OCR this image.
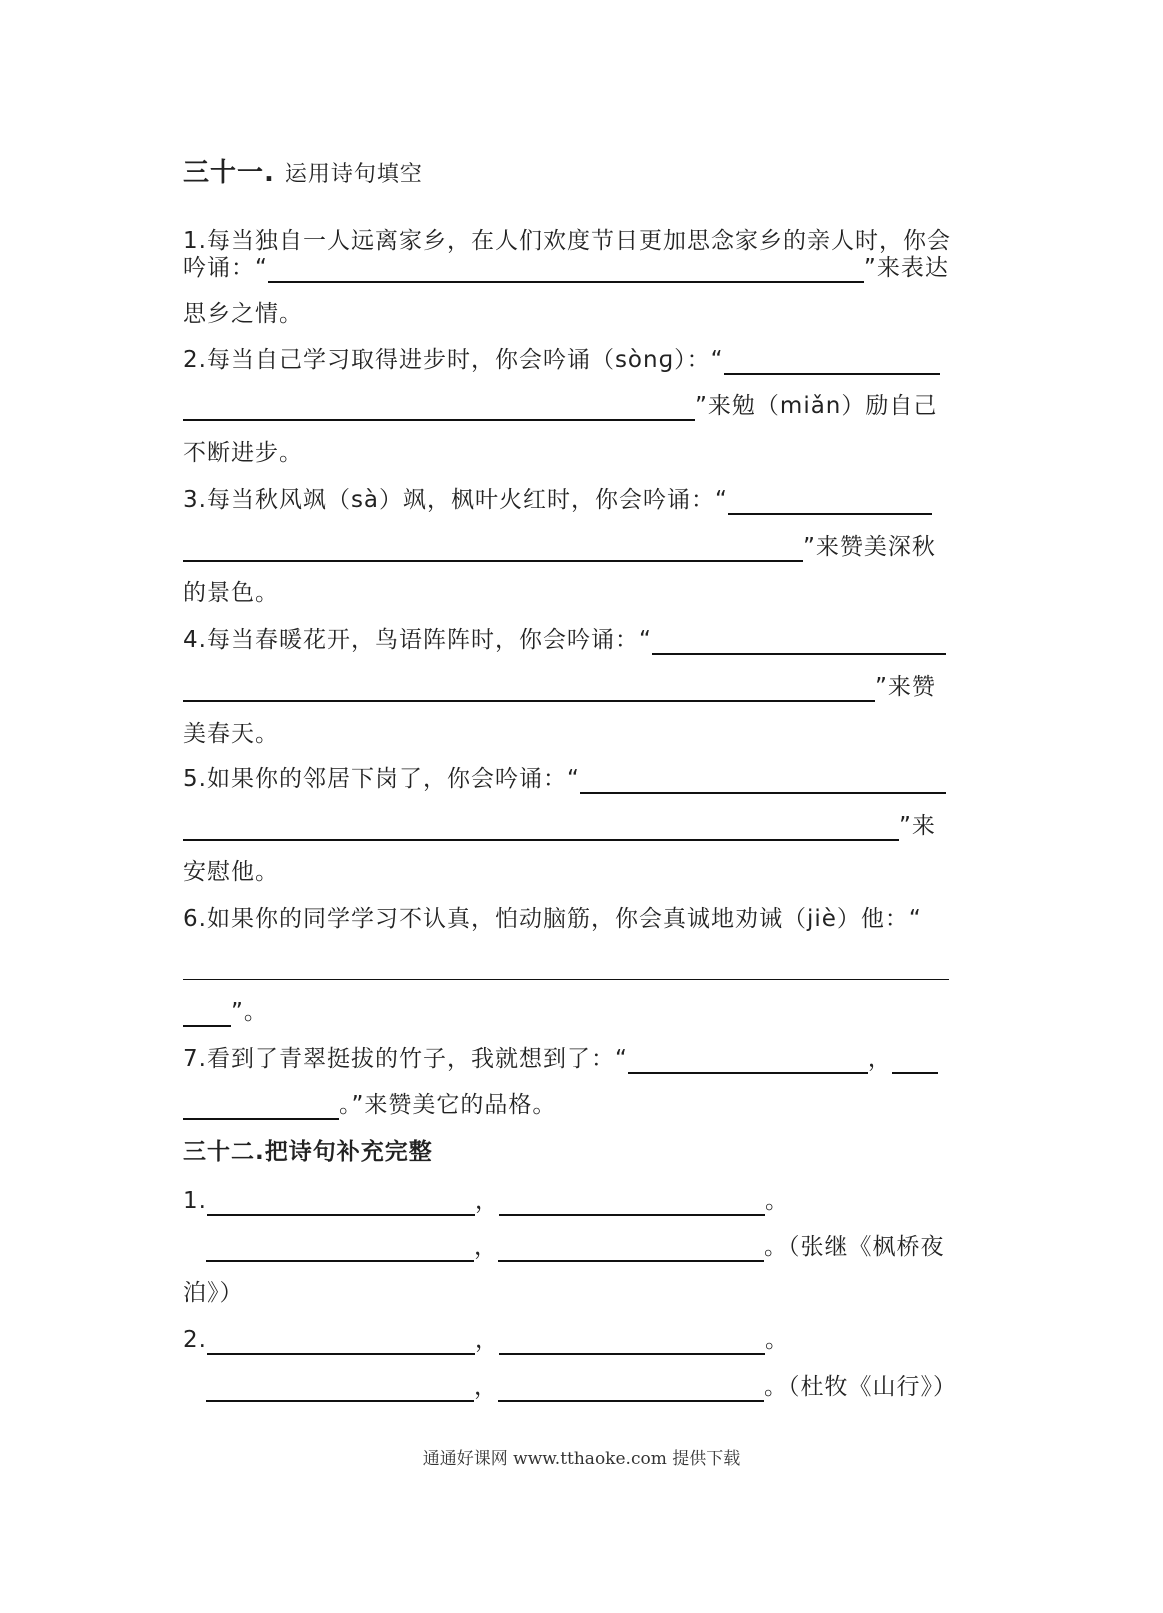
三十一. 运用诗句填空
1.每当独自一人远离家乡，在人们欢度节日更加思念家乡的亲人时，你会
吟诵：“	”来表达
思乡之情。
2.每当自己学习取得进步时，你会吟诵（sònɡ）：“
”来勉（miǎn）励自己
不断进步。
3.每当秋风飒（sà）飒，枫叶火红时，你会吟诵：“
”来赞美深秋
的景色。
4.每当春暖花开，鸟语阵阵时，你会吟诵：“
”来赞
美春天。
5.如果你的邻居下岗了，你会吟诵：“
”来
安慰他。
6.如果你的同学学习不认真，怕动脑筋，你会真诚地劝诫（jiè）他：“
”。
7.看到了青翠挺拔的竹子，我就想到了：“	，
。”来赞美它的品格。
三十二.把诗句补充完整
1.	，	。
，	。（张继《枫桥夜
泊》）
2.	，	。
，	。（杜牧《山行》）
通通好课网 www.tthaoke.com 提供下载
